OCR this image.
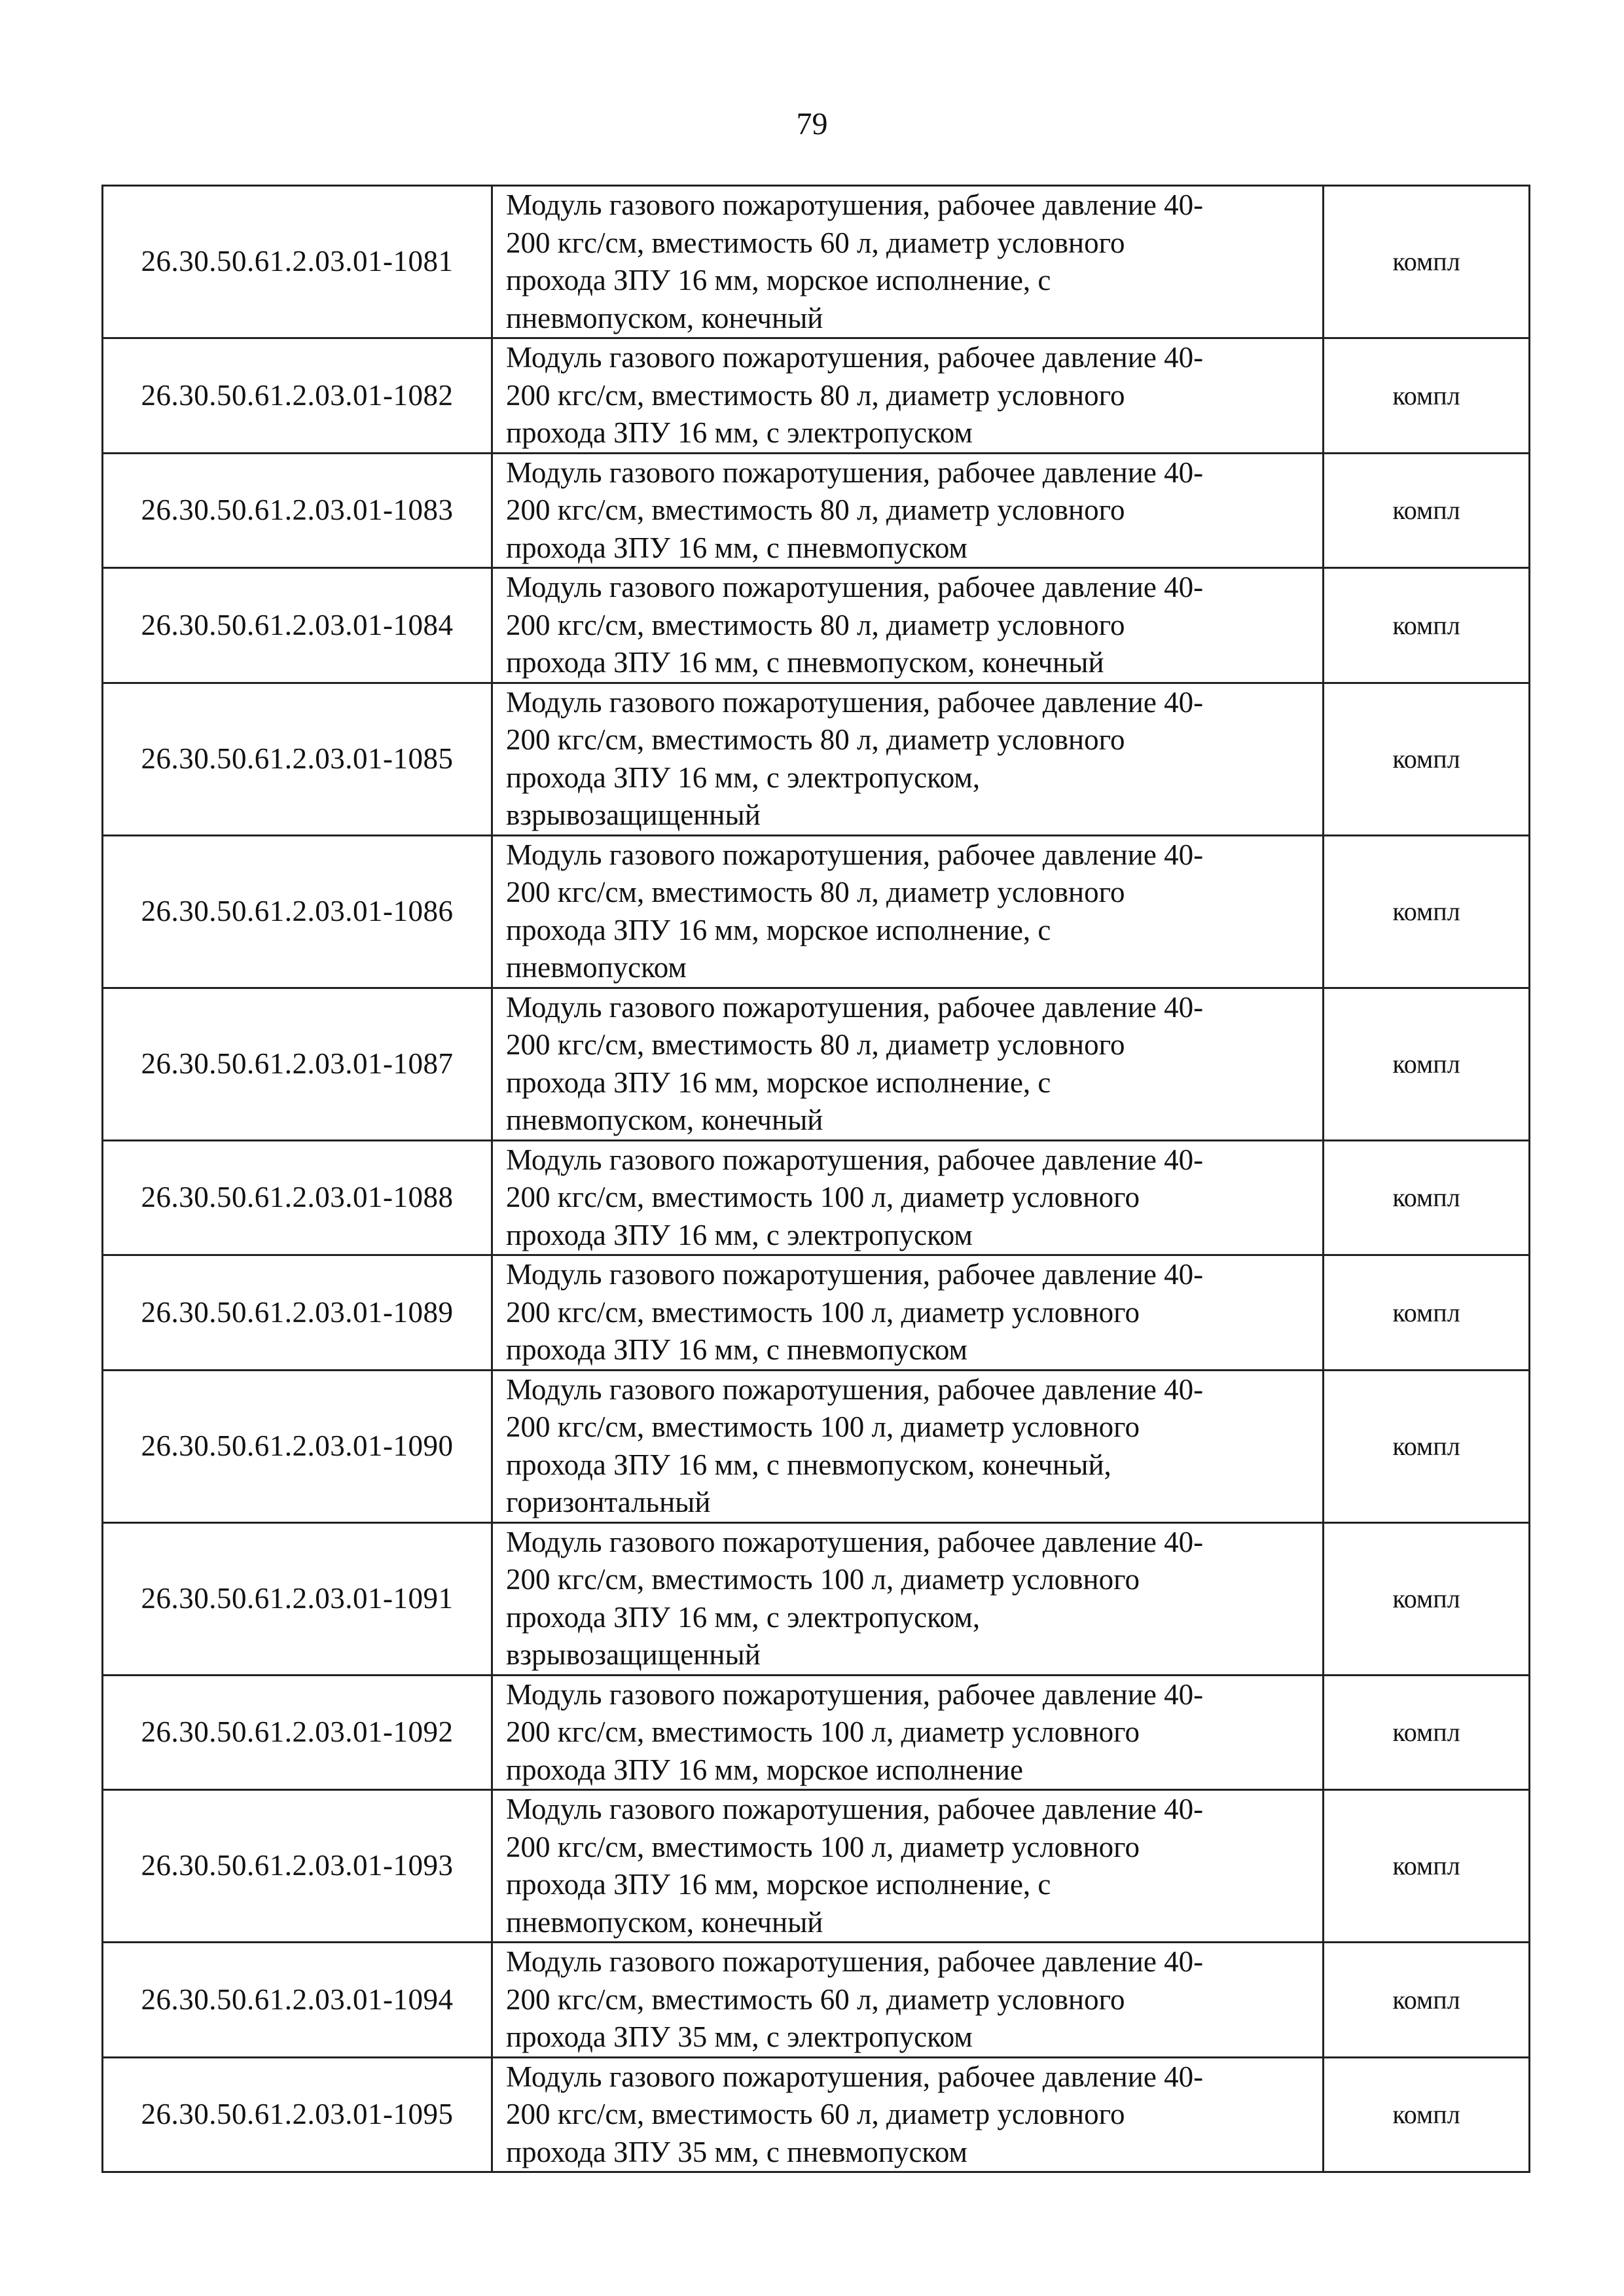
79
26.30.50.61.2.03.01-1081	Модуль газового пожаротушения, рабочее давление 40-
200 кгс/см, вместимость 60 л, диаметр условного
прохода ЗПУ 16 мм, морское исполнение, с
пневмопуском, конечный	компл
26.30.50.61.2.03.01-1082	Модуль газового пожаротушения, рабочее давление 40-
200 кгс/см, вместимость 80 л, диаметр условного
прохода ЗПУ 16 мм, с электропуском	компл
26.30.50.61.2.03.01-1083	Модуль газового пожаротушения, рабочее давление 40-
200 кгс/см, вместимость 80 л, диаметр условного
прохода ЗПУ 16 мм, с пневмопуском	компл
26.30.50.61.2.03.01-1084	Модуль газового пожаротушения, рабочее давление 40-
200 кгс/см, вместимость 80 л, диаметр условного
прохода ЗПУ 16 мм, с пневмопуском, конечный	компл
26.30.50.61.2.03.01-1085	Модуль газового пожаротушения, рабочее давление 40-
200 кгс/см, вместимость 80 л, диаметр условного
прохода ЗПУ 16 мм, с электропуском,
взрывозащищенный	компл
26.30.50.61.2.03.01-1086	Модуль газового пожаротушения, рабочее давление 40-
200 кгс/см, вместимость 80 л, диаметр условного
прохода ЗПУ 16 мм, морское исполнение, с
пневмопуском	компл
26.30.50.61.2.03.01-1087	Модуль газового пожаротушения, рабочее давление 40-
200 кгс/см, вместимость 80 л, диаметр условного
прохода ЗПУ 16 мм, морское исполнение, с
пневмопуском, конечный	компл
26.30.50.61.2.03.01-1088	Модуль газового пожаротушения, рабочее давление 40-
200 кгс/см, вместимость 100 л, диаметр условного
прохода ЗПУ 16 мм, с электропуском	компл
26.30.50.61.2.03.01-1089	Модуль газового пожаротушения, рабочее давление 40-
200 кгс/см, вместимость 100 л, диаметр условного
прохода ЗПУ 16 мм, с пневмопуском	компл
26.30.50.61.2.03.01-1090	Модуль газового пожаротушения, рабочее давление 40-
200 кгс/см, вместимость 100 л, диаметр условного
прохода ЗПУ 16 мм, с пневмопуском, конечный,
горизонтальный	компл
26.30.50.61.2.03.01-1091	Модуль газового пожаротушения, рабочее давление 40-
200 кгс/см, вместимость 100 л, диаметр условного
прохода ЗПУ 16 мм, с электропуском,
взрывозащищенный	компл
26.30.50.61.2.03.01-1092	Модуль газового пожаротушения, рабочее давление 40-
200 кгс/см, вместимость 100 л, диаметр условного
прохода ЗПУ 16 мм, морское исполнение	компл
26.30.50.61.2.03.01-1093	Модуль газового пожаротушения, рабочее давление 40-
200 кгс/см, вместимость 100 л, диаметр условного
прохода ЗПУ 16 мм, морское исполнение, с
пневмопуском, конечный	компл
26.30.50.61.2.03.01-1094	Модуль газового пожаротушения, рабочее давление 40-
200 кгс/см, вместимость 60 л, диаметр условного
прохода ЗПУ 35 мм, с электропуском	компл
26.30.50.61.2.03.01-1095	Модуль газового пожаротушения, рабочее давление 40-
200 кгс/см, вместимость 60 л, диаметр условного
прохода ЗПУ 35 мм, с пневмопуском	компл
